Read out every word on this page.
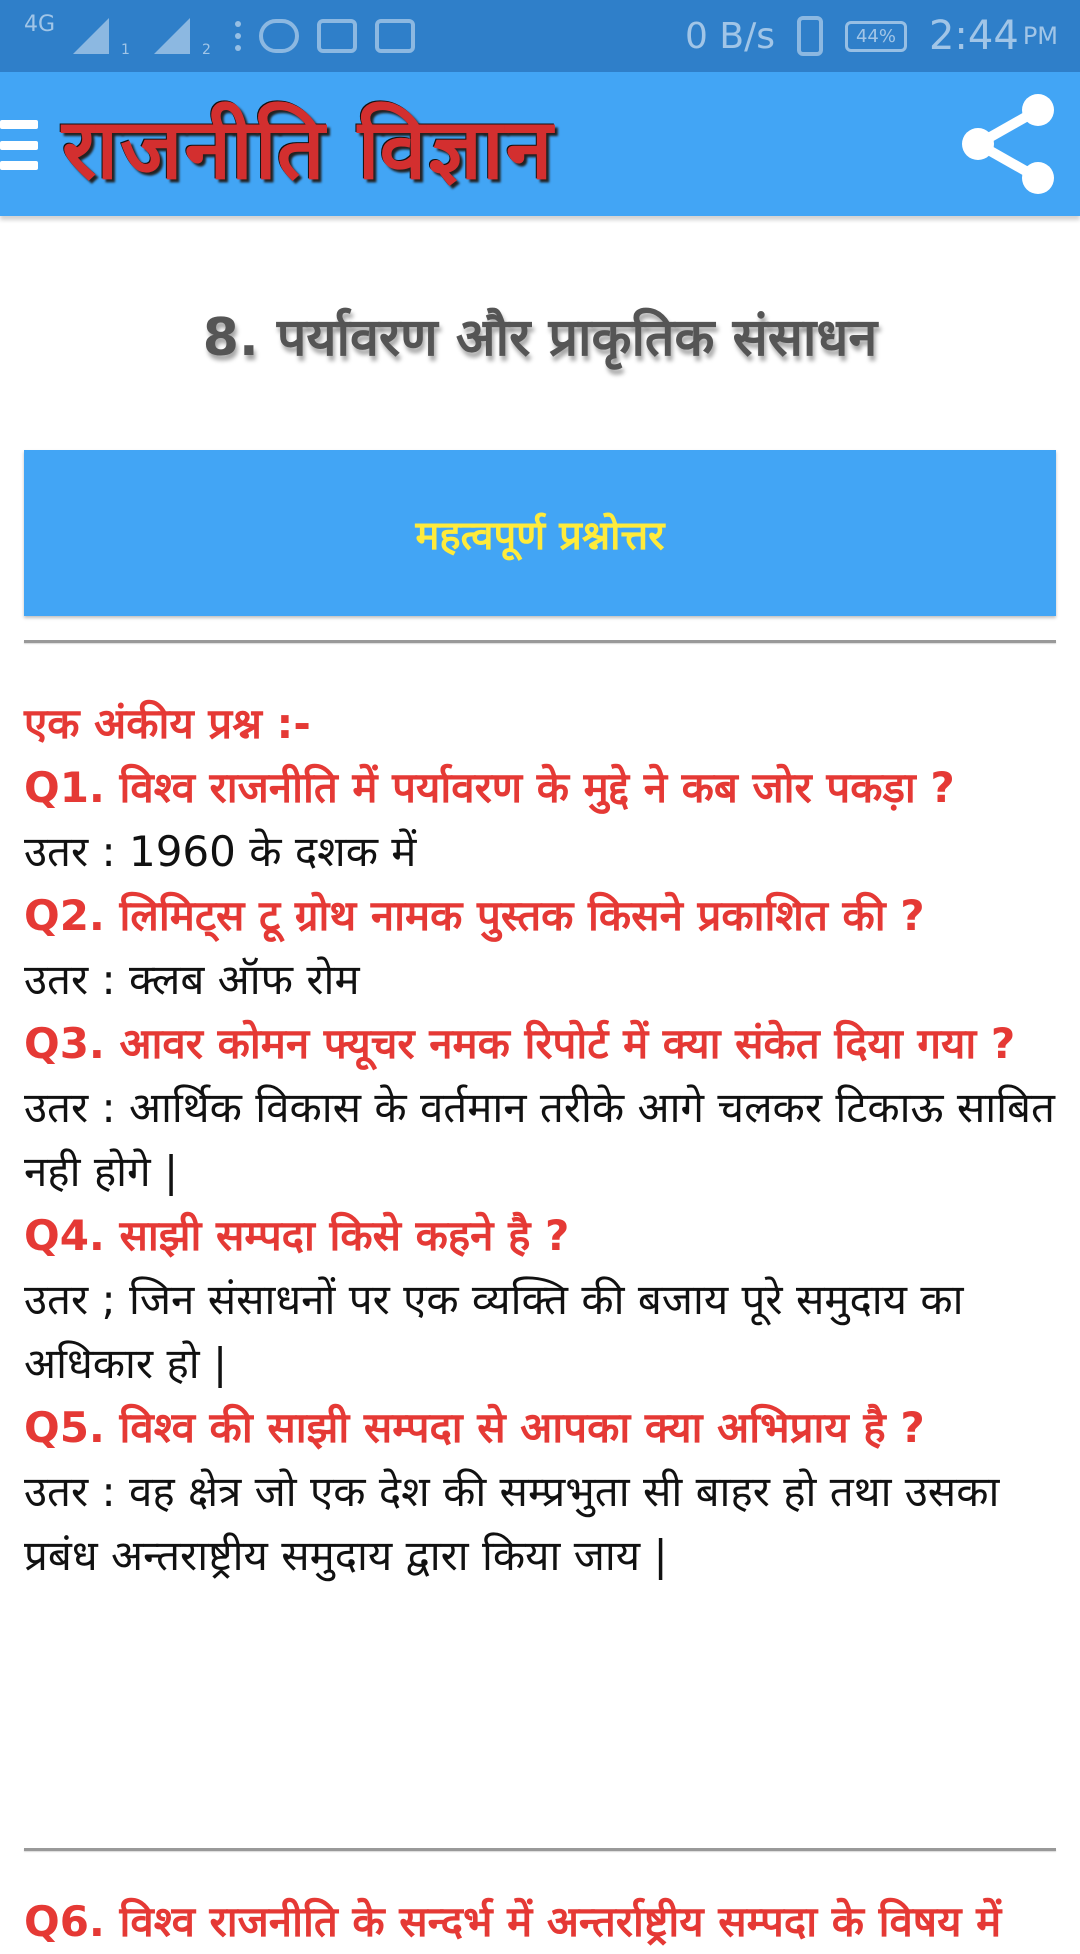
4G
1	2	0 B/s	44% 2:44 PM
राजनीति विज्ञान
8. पर्यावरण और प्राकृतिक संसाधन
महत्वपूर्ण प्रश्नोत्तर
एक अंकीय प्रश्न :-
Q1. विश्व राजनीति में पर्यावरण के मुद्दे ने कब जोर पकड़ा ?
उतर : 1960 के दशक में
Q2. लिमिट्स टू ग्रोथ नामक पुस्तक किसने प्रकाशित की ?
उतर : क्लब ऑफ रोम
Q3. आवर कोमन फ्यूचर नमक रिपोर्ट में क्या संकेत दिया गया ?
उतर : आर्थिक विकास के वर्तमान तरीके आगे चलकर टिकाऊ साबित नही होगे |
Q4. साझी सम्पदा किसे कहने है ?
उतर ; जिन संसाधनों पर एक व्यक्ति की बजाय पूरे समुदाय का अधिकार हो |
Q5. विश्व की साझी सम्पदा से आपका क्या अभिप्राय है ?
उतर : वह क्षेत्र जो एक देश की सम्प्रभुता सी बाहर हो तथा उसका प्रबंध अन्तराष्ट्रीय समुदाय द्वारा किया जाय |
Q6. विश्व राजनीति के सन्दर्भ में अन्तर्राष्ट्रीय सम्पदा के विषय में
